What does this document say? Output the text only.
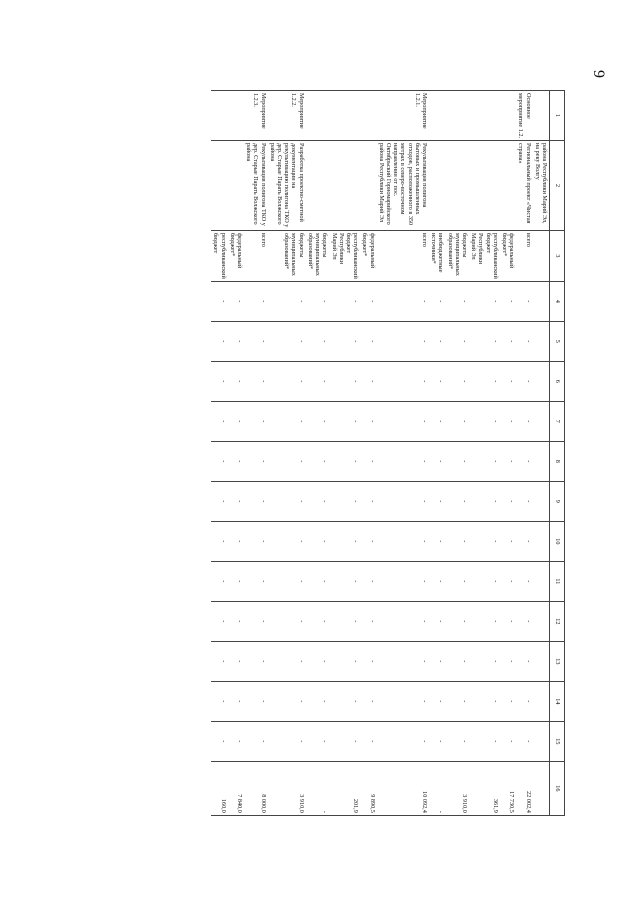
9
1	2	3	4	5	6	7	8	9	10	11	12	13	14	15	16
	района Республики Марий Эл, на реку Волгу														
Основное мероприятие 1.2.	Региональный проект «Чистая страна»	всего	-	-	-	-	-	-	-	-	-	-	-	-	22 002,4
		федеральный бюджет*	-	-	-	-	-	-	-	-	-	-	-	-	17 730,5
		республиканский бюджет Республики Марий Эл	-	-	-	-	-	-	-	-	-	-	-	-	361,9
		бюджеты муниципальных образований*	-	-	-	-	-	-	-	-	-	-	-	-	3 910,0
		внебюджетные источники*	-	-	-	-	-	-	-	-	-	-	-	-	-
Мероприятие 1.2.1.	Рекультивация полигона бытовых и промышленных отходов, расположенного в 350 метрах в северо-восточном направлении от пос. Октябрьский Горномарийского района Республики Марий Эл	всего	-	-	-	-	-	-	-	-	-	-	-	-	10 092,4
		федеральный бюджет*	-	-	-	-	-	-	-	-	-	-	-	-	9 890,5
		республиканский бюджет Республики Марий Эл	-	-	-	-	-	-	-	-	-	-	-	-	201,9
		бюджеты муниципальных образований*	-	-	-	-	-	-	-	-	-	-	-	-	-
Мероприятие 1.2.2.	Разработка проектно-сметной документации на рекультивацию полигона ТКО у дер. Старые Парать Волжского района	бюджеты муниципальных образований*	-	-	-	-	-	-	-	-	-	-	-	-	3 910,0
Мероприятие 1.2.3.	Рекультивация полигона ТКО у дер. Старые Парать Волжского района	всего	-	-	-	-	-	-	-	-	-	-	-	-	8 000,0
		федеральный бюджет*	-	-	-	-	-	-	-	-	-	-	-	-	7 840,0
		республиканский бюджет	-	-	-	-	-	-	-	-	-	-	-	-	160,0
